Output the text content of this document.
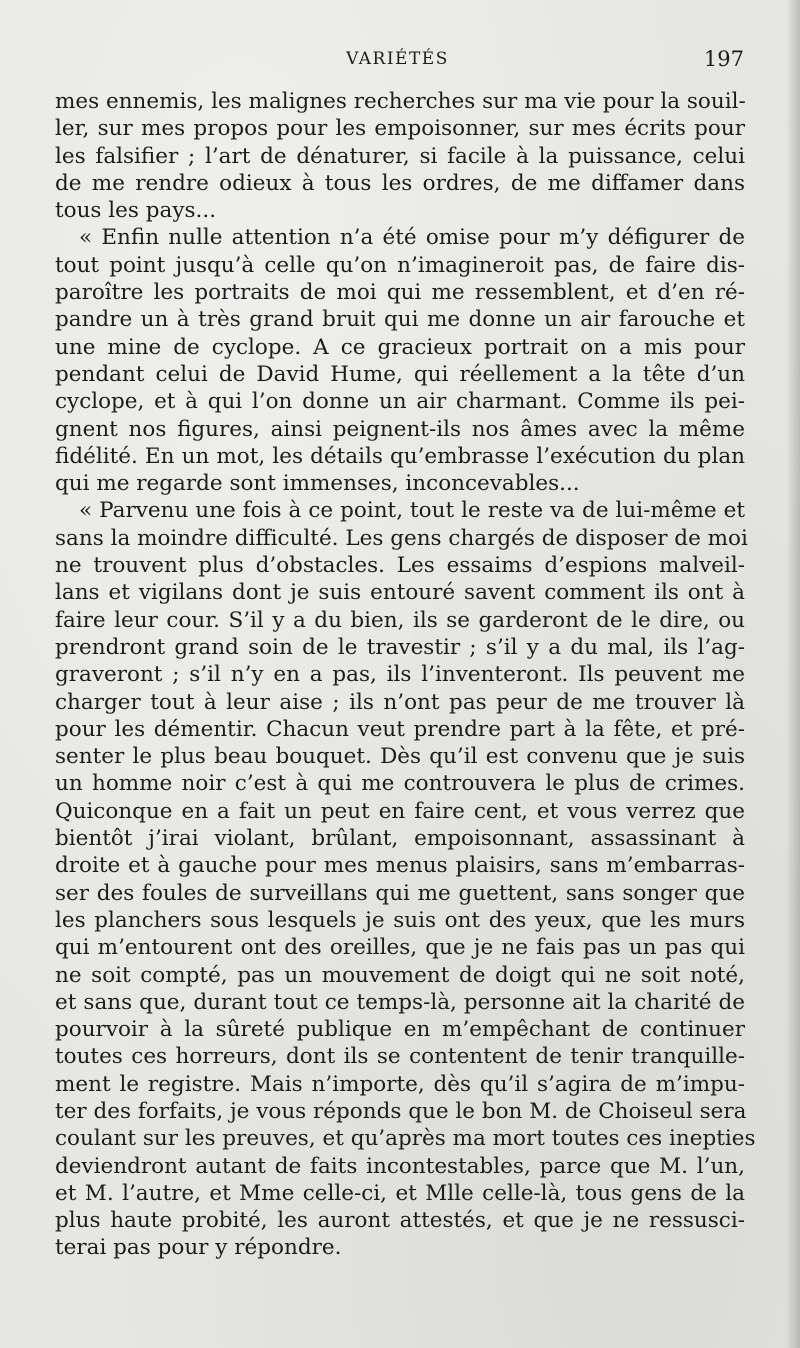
VARIÉTÉS	197
mes ennemis, les malignes recherches sur ma vie pour la souil-
ler, sur mes propos pour les empoisonner, sur mes écrits pour
les falsifier ; l’art de dénaturer, si facile à la puissance, celui
de me rendre odieux à tous les ordres, de me diffamer dans
tous les pays...
« Enfin nulle attention n’a été omise pour m’y défigurer de
tout point jusqu’à celle qu’on n’imagineroit pas, de faire dis-
paroître les portraits de moi qui me ressemblent, et d’en ré-
pandre un à très grand bruit qui me donne un air farouche et
une mine de cyclope. A ce gracieux portrait on a mis pour
pendant celui de David Hume, qui réellement a la tête d’un
cyclope, et à qui l’on donne un air charmant. Comme ils pei-
gnent nos figures, ainsi peignent-ils nos âmes avec la même
fidélité. En un mot, les détails qu’embrasse l’exécution du plan
qui me regarde sont immenses, inconcevables...
« Parvenu une fois à ce point, tout le reste va de lui-même et
sans la moindre difficulté. Les gens chargés de disposer de moi
ne trouvent plus d’obstacles. Les essaims d’espions malveil-
lans et vigilans dont je suis entouré savent comment ils ont à
faire leur cour. S’il y a du bien, ils se garderont de le dire, ou
prendront grand soin de le travestir ; s’il y a du mal, ils l’ag-
graveront ; s’il n’y en a pas, ils l’inventeront. Ils peuvent me
charger tout à leur aise ; ils n’ont pas peur de me trouver là
pour les démentir. Chacun veut prendre part à la fête, et pré-
senter le plus beau bouquet. Dès qu’il est convenu que je suis
un homme noir c’est à qui me controuvera le plus de crimes.
Quiconque en a fait un peut en faire cent, et vous verrez que
bientôt j’irai violant, brûlant, empoisonnant, assassinant à
droite et à gauche pour mes menus plaisirs, sans m’embarras-
ser des foules de surveillans qui me guettent, sans songer que
les planchers sous lesquels je suis ont des yeux, que les murs
qui m’entourent ont des oreilles, que je ne fais pas un pas qui
ne soit compté, pas un mouvement de doigt qui ne soit noté,
et sans que, durant tout ce temps-là, personne ait la charité de
pourvoir à la sûreté publique en m’empêchant de continuer
toutes ces horreurs, dont ils se contentent de tenir tranquille-
ment le registre. Mais n’importe, dès qu’il s’agira de m’impu-
ter des forfaits, je vous réponds que le bon M. de Choiseul sera
coulant sur les preuves, et qu’après ma mort toutes ces inepties
deviendront autant de faits incontestables, parce que M. l’un,
et M. l’autre, et Mme celle-ci, et Mlle celle-là, tous gens de la
plus haute probité, les auront attestés, et que je ne ressusci-
terai pas pour y répondre.
